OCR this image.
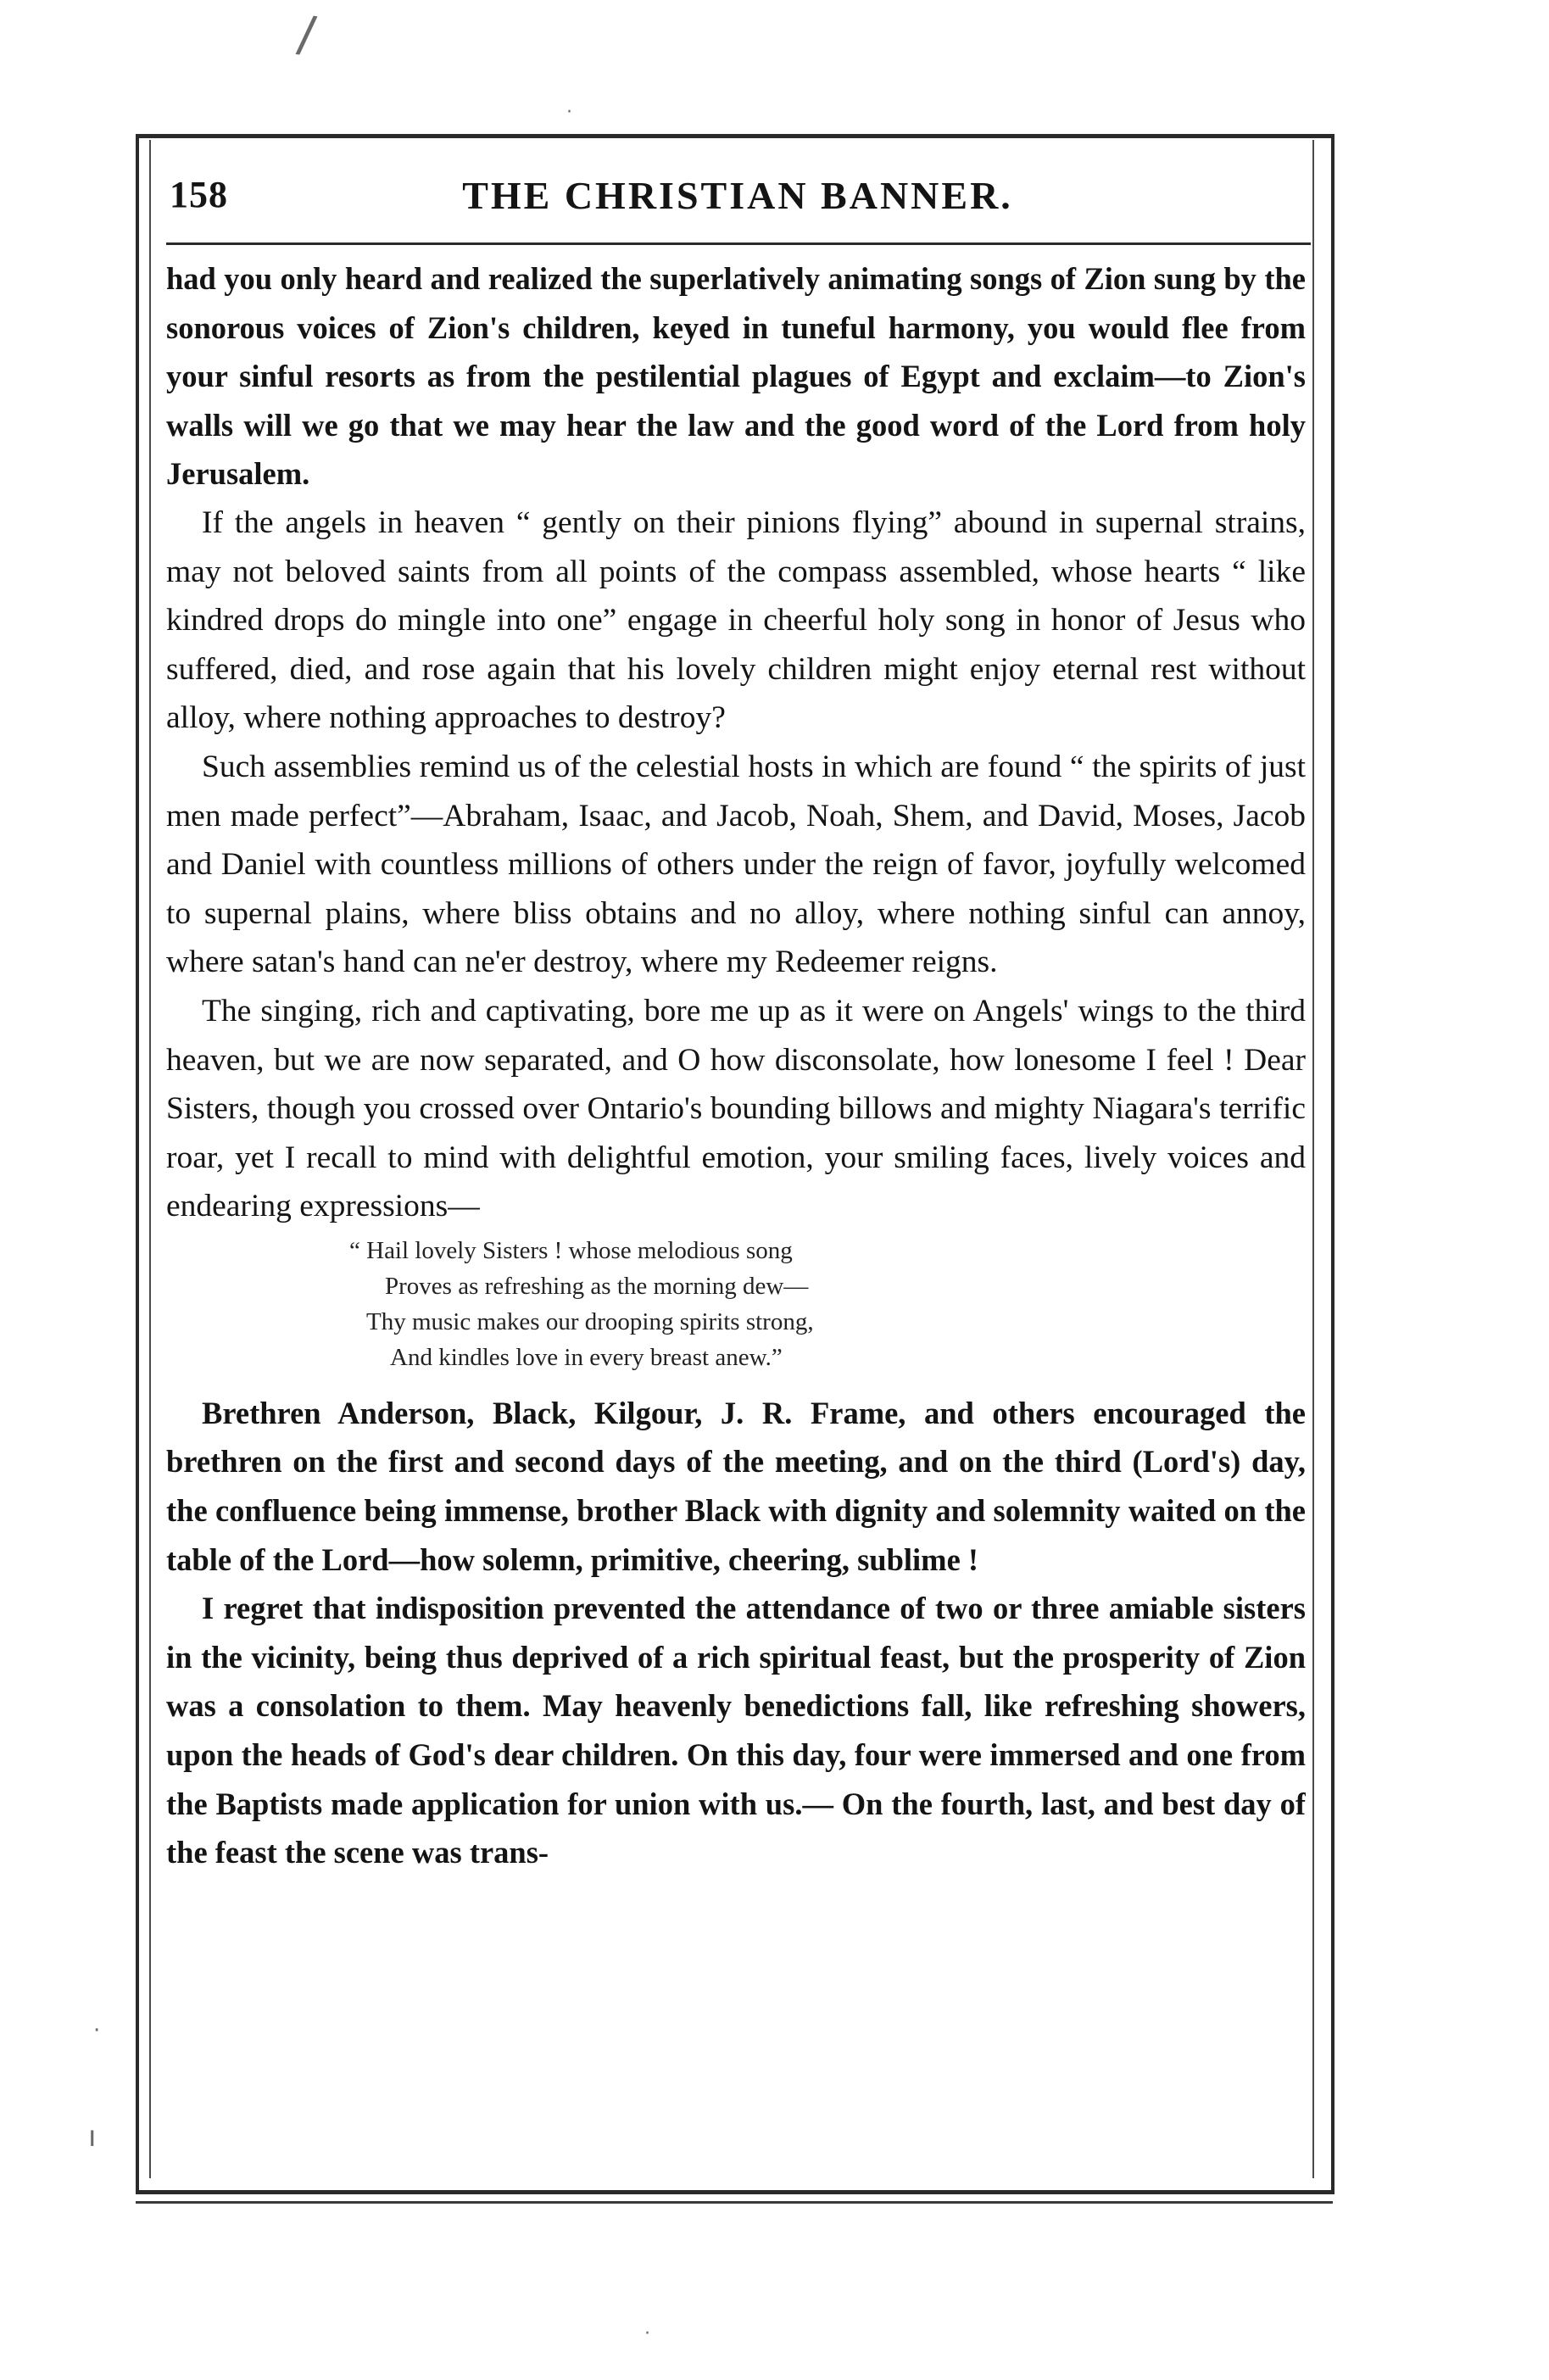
/
·
·
·
ı
158	THE CHRISTIAN BANNER.

had you only heard and realized the superlatively animating songs of Zion sung by the sonorous voices of Zion's children, keyed in tuneful harmony, you would flee from your sinful resorts as from the pestilential plagues of Egypt and exclaim—to Zion's walls will we go that we may hear the law and the good word of the Lord from holy Jerusalem.

If the angels in heaven “ gently on their pinions flying” abound in supernal strains, may not beloved saints from all points of the compass assembled, whose hearts “ like kindred drops do mingle into one” engage in cheerful holy song in honor of Jesus who suffered, died, and rose again that his lovely children might enjoy eternal rest without alloy, where nothing approaches to destroy?

Such assemblies remind us of the celestial hosts in which are found “ the spirits of just men made perfect”—Abraham, Isaac, and Jacob, Noah, Shem, and David, Moses, Jacob and Daniel with countless millions of others under the reign of favor, joyfully welcomed to supernal plains, where bliss obtains and no alloy, where nothing sinful can annoy, where satan's hand can ne'er destroy, where my Redeemer reigns.

The singing, rich and captivating, bore me up as it were on Angels' wings to the third heaven, but we are now separated, and O how disconsolate, how lonesome I feel ! Dear Sisters, though you crossed over Ontario's bounding billows and mighty Niagara's terrific roar, yet I recall to mind with delightful emotion, your smiling faces, lively voices and endearing expressions—

“ Hail lovely Sisters ! whose melodious song
Proves as refreshing as the morning dew—
Thy music makes our drooping spirits strong,
And kindles love in every breast anew.”

Brethren Anderson, Black, Kilgour, J. R. Frame, and others encouraged the brethren on the first and second days of the meeting, and on the third (Lord's) day, the confluence being immense, brother Black with dignity and solemnity waited on the table of the Lord—how solemn, primitive, cheering, sublime !

I regret that indisposition prevented the attendance of two or three amiable sisters in the vicinity, being thus deprived of a rich spiritual feast, but the prosperity of Zion was a consolation to them. May heavenly benedictions fall, like refreshing showers, upon the heads of God's dear children. On this day, four were immersed and one from the Baptists made application for union with us.— On the fourth, last, and best day of the feast the scene was trans-
